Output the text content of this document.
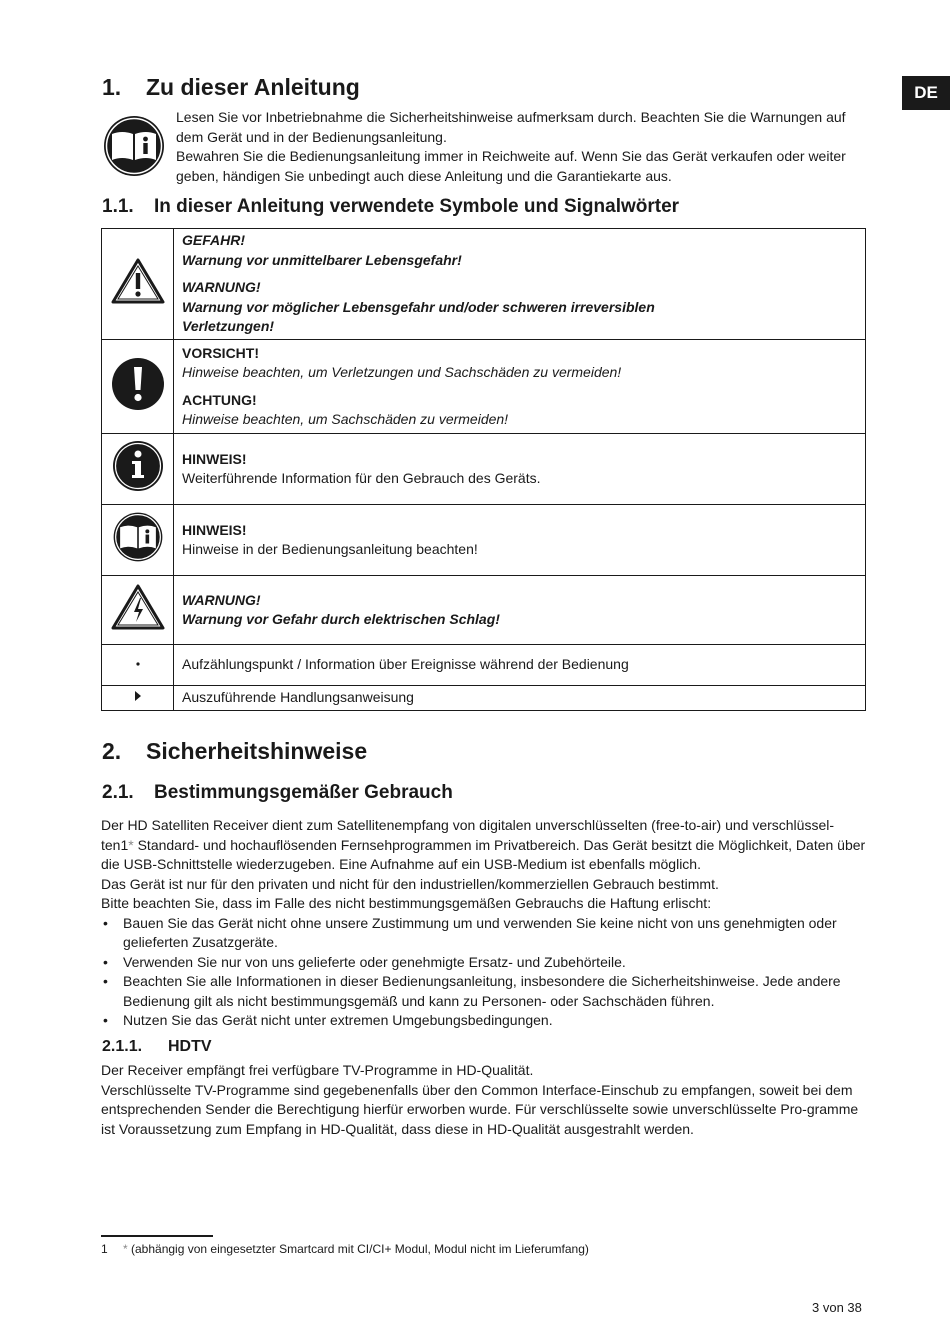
DE
1. Zu dieser Anleitung

Lesen Sie vor Inbetriebnahme die Sicherheitshinweise aufmerksam durch. Beachten Sie die Warnungen auf dem Gerät und in der Bedienungsanleitung.

Bewahren Sie die Bedienungsanleitung immer in Reichweite auf. Wenn Sie das Gerät verkaufen oder weiter geben, händigen Sie unbedingt auch diese Anleitung und die Garantiekarte aus.

1.1. In dieser Anleitung verwendete Symbole und Signalwörter

GEFAHR!
Warnung vor unmittelbarer Lebensgefahr!
WARNUNG!
Warnung vor möglicher Lebensgefahr und/oder schweren irreversiblen Verletzungen!

VORSICHT!
Hinweise beachten, um Verletzungen und Sachschäden zu vermeiden!
ACHTUNG!
Hinweise beachten, um Sachschäden zu vermeiden!

HINWEIS!
Weiterführende Information für den Gebrauch des Geräts.

HINWEIS!
Hinweise in der Bedienungsanleitung beachten!

WARNUNG!
Warnung vor Gefahr durch elektrischen Schlag!

Aufzählungspunkt / Information über Ereignisse während der Bedienung

Auszuführende Handlungsanweisung
2. Sicherheitshinweise
2.1. Bestimmungsgemäßer Gebrauch

Der HD Satelliten Receiver dient zum Satellitenempfang von digitalen unverschlüsselten (free-to-air) und verschlüssel-ten1* Standard- und hochauflösenden Fernsehprogrammen im Privatbereich. Das Gerät besitzt die Möglichkeit, Daten über die USB-Schnittstelle wiederzugeben. Eine Aufnahme auf ein USB-Medium ist ebenfalls möglich.

Das Gerät ist nur für den privaten und nicht für den industriellen/kommerziellen Gebrauch bestimmt.

Bitte beachten Sie, dass im Falle des nicht bestimmungsgemäßen Gebrauchs die Haftung erlischt:

• Bauen Sie das Gerät nicht ohne unsere Zustimmung um und verwenden Sie keine nicht von uns genehmigten oder gelieferten Zusatzgeräte.
• Verwenden Sie nur von uns gelieferte oder genehmigte Ersatz- und Zubehörteile.
• Beachten Sie alle Informationen in dieser Bedienungsanleitung, insbesondere die Sicherheitshinweise. Jede andere Bedienung gilt als nicht bestimmungsgemäß und kann zu Personen- oder Sachschäden führen.
• Nutzen Sie das Gerät nicht unter extremen Umgebungsbedingungen.
2.1.1. HDTV

Der Receiver empfängt frei verfügbare TV-Programme in HD-Qualität.

Verschlüsselte TV-Programme sind gegebenenfalls über den Common Interface-Einschub zu empfangen, soweit bei dem entsprechenden Sender die Berechtigung hierfür erworben wurde. Für verschlüsselte sowie unverschlüsselte Pro-gramme ist Voraussetzung zum Empfang in HD-Qualität, dass diese in HD-Qualität ausgestrahlt werden.

1 * (abhängig von eingesetzter Smartcard mit CI/CI+ Modul, Modul nicht im Lieferumfang)
3 von 38
